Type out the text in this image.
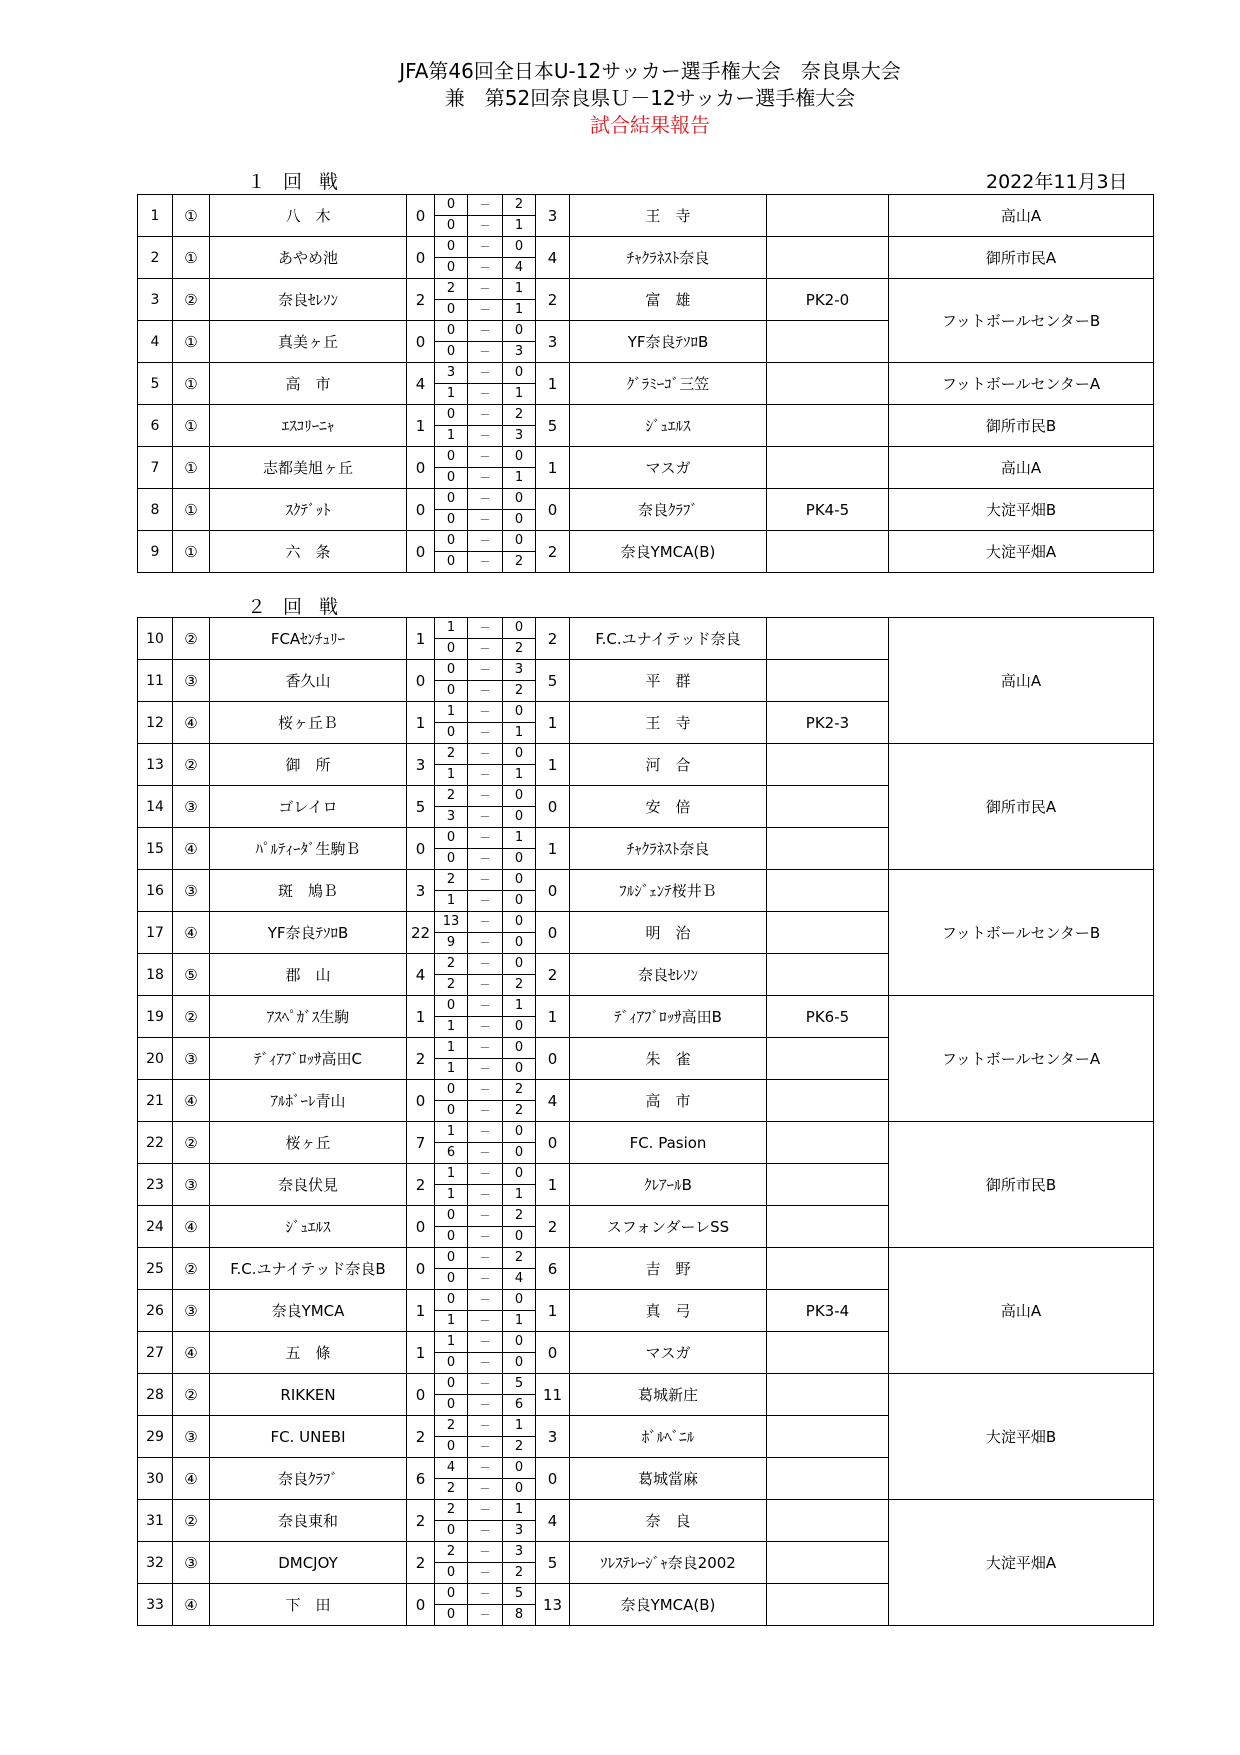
JFA第46回全日本U-12サッカー選手権大会　奈良県大会
兼　第52回奈良県Ｕ－12サッカー選手権大会
試合結果報告
１回戦	2022年11月3日
1	①	八　木	0	0	－	2	3	王　寺		高山A
				0	－	1				
2	①	あやめ池	0	0	－	0	4	ﾁｬｸﾗﾈｽﾄ奈良		御所市民A
				0	－	4				
3	②	奈良ｾﾚｿﾝ	2	2	－	1	2	富　雄	PK2-0	フットボールセンターB
				0	－	1				
4	①	真美ヶ丘	0	0	－	0	3	YF奈良ﾃｿﾛB		
				0	－	3				
5	①	高　市	4	3	－	0	1	ｸﾞﾗﾐｰｺﾞ三笠		フットボールセンターA
				1	－	1				
6	①	ｴｽｺﾘｰﾆｬ	1	0	－	2	5	ｼﾞｭｴﾙｽ		御所市民B
				1	－	3				
7	①	志都美旭ヶ丘	0	0	－	0	1	マスガ		高山A
				0	－	1				
8	①	ｽｸﾃﾞｯﾄ	0	0	－	0	0	奈良ｸﾗﾌﾞ	PK4-5	大淀平畑B
				0	－	0				
9	①	六　条	0	0	－	0	2	奈良YMCA(B)		大淀平畑A
				0	－	2				
２回戦
10	②	FCAｾﾝﾁｭﾘｰ	1	1	－	0	2	F.C.ユナイテッド奈良		高山A
				0	－	2				
11	③	香久山	0	0	－	3	5	平　群		
				0	－	2				
12	④	桜ヶ丘Ｂ	1	1	－	0	1	王　寺	PK2-3	
				0	－	1				
13	②	御　所	3	2	－	0	1	河　合		御所市民A
				1	－	1				
14	③	ゴレイロ	5	2	－	0	0	安　倍		
				3	－	0				
15	④	ﾊﾟﾙﾃｨｰﾀﾞ生駒Ｂ	0	0	－	1	1	ﾁｬｸﾗﾈｽﾄ奈良		
				0	－	0				
16	③	斑　鳩Ｂ	3	2	－	0	0	ﾌﾙｼﾞｪﾝﾃ桜井Ｂ		フットボールセンターB
				1	－	0				
17	④	YF奈良ﾃｿﾛB	22	13	－	0	0	明　治		
				9	－	0				
18	⑤	郡　山	4	2	－	0	2	奈良ｾﾚｿﾝ		
				2	－	2				
19	②	ｱｽﾍﾟｶﾞｽ生駒	1	0	－	1	1	ﾃﾞｨｱﾌﾞﾛｯｻ高田B	PK6-5	フットボールセンターA
				1	－	0				
20	③	ﾃﾞｨｱﾌﾞﾛｯｻ高田C	2	1	－	0	0	朱　雀		
				1	－	0				
21	④	ｱﾙﾎﾞｰﾚ青山	0	0	－	2	4	高　市		
				0	－	2				
22	②	桜ヶ丘	7	1	－	0	0	FC. Pasion		御所市民B
				6	－	0				
23	③	奈良伏見	2	1	－	0	1	ｸﾚｱｰﾙB		
				1	－	1				
24	④	ｼﾞｭｴﾙｽ	0	0	－	2	2	スフォンダーレSS		
				0	－	0				
25	②	F.C.ユナイテッド奈良B	0	0	－	2	6	吉　野		高山A
				0	－	4				
26	③	奈良YMCA	1	0	－	0	1	真　弓	PK3-4	
				1	－	1				
27	④	五　條	1	1	－	0	0	マスガ		
				0	－	0				
28	②	RIKKEN	0	0	－	5	11	葛城新庄		大淀平畑B
				0	－	6				
29	③	FC. UNEBI	2	2	－	1	3	ﾎﾞﾙﾍﾞﾆﾙ		
				0	－	2				
30	④	奈良ｸﾗﾌﾞ	6	4	－	0	0	葛城當麻		
				2	－	0				
31	②	奈良東和	2	2	－	1	4	奈　良		大淀平畑A
				0	－	3				
32	③	DMCJOY	2	2	－	3	5	ｿﾚｽﾃﾚｰｼﾞｬ奈良2002		
				0	－	2				
33	④	下　田	0	0	－	5	13	奈良YMCA(B)		
				0	－	8				
